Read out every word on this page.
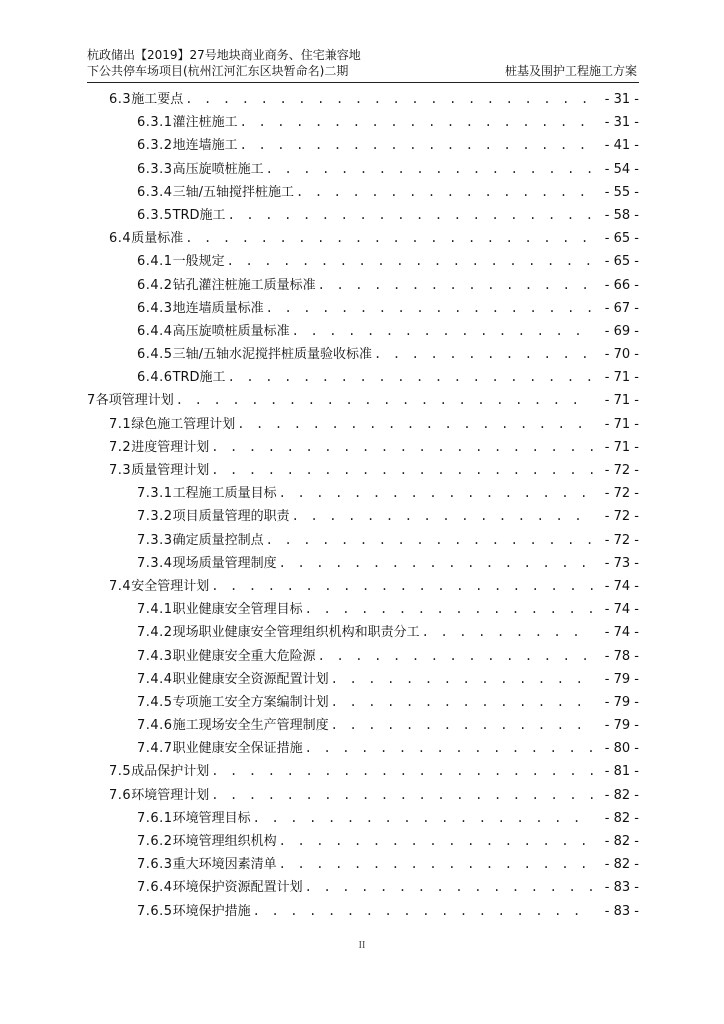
杭政储出【2019】27号地块商业商务、住宅兼容地
下公共停车场项目(杭州江河汇东区块暂命名)二期	桩基及围护工程施工方案
6.3 施工要点 . . .	- 31 -
6.3.1 灌注桩施工 . . .	- 31 -
6.3.2 地连墙施工 . . .	- 41 -
6.3.3 高压旋喷桩施工 . . .	- 54 -
6.3.4 三轴/五轴搅拌桩施工 . . .	- 55 -
6.3.5 TRD施工 . . .	- 58 -
6.4 质量标准 . . .	- 65 -
6.4.1 一般规定 . . .	- 65 -
6.4.2 钻孔灌注桩施工质量标准 . . .	- 66 -
6.4.3 地连墙质量标准 . . .	- 67 -
6.4.4 高压旋喷桩质量标准 . . .	- 69 -
6.4.5 三轴/五轴水泥搅拌桩质量验收标准 . . .	- 70 -
6.4.6 TRD施工 . . .	- 71 -
7 各项管理计划 . . .	- 71 -
7.1 绿色施工管理计划 . . .	- 71 -
7.2 进度管理计划 . . .	- 71 -
7.3 质量管理计划 . . .	- 72 -
7.3.1 工程施工质量目标 . . .	- 72 -
7.3.2 项目质量管理的职责 . . .	- 72 -
7.3.3 确定质量控制点 . . .	- 72 -
7.3.4 现场质量管理制度 . . .	- 73 -
7.4 安全管理计划 . . .	- 74 -
7.4.1 职业健康安全管理目标 . . .	- 74 -
7.4.2 现场职业健康安全管理组织机构和职责分工 . . .	- 74 -
7.4.3 职业健康安全重大危险源 . . .	- 78 -
7.4.4 职业健康安全资源配置计划 . . .	- 79 -
7.4.5 专项施工安全方案编制计划 . . .	- 79 -
7.4.6 施工现场安全生产管理制度 . . .	- 79 -
7.4.7 职业健康安全保证措施 . . .	- 80 -
7.5 成品保护计划 . . .	- 81 -
7.6 环境管理计划 . . .	- 82 -
7.6.1 环境管理目标 . . .	- 82 -
7.6.2 环境管理组织机构 . . .	- 82 -
7.6.3 重大环境因素清单 . . .	- 82 -
7.6.4 环境保护资源配置计划 . . .	- 83 -
7.6.5 环境保护措施 . . .	- 83 -
II
